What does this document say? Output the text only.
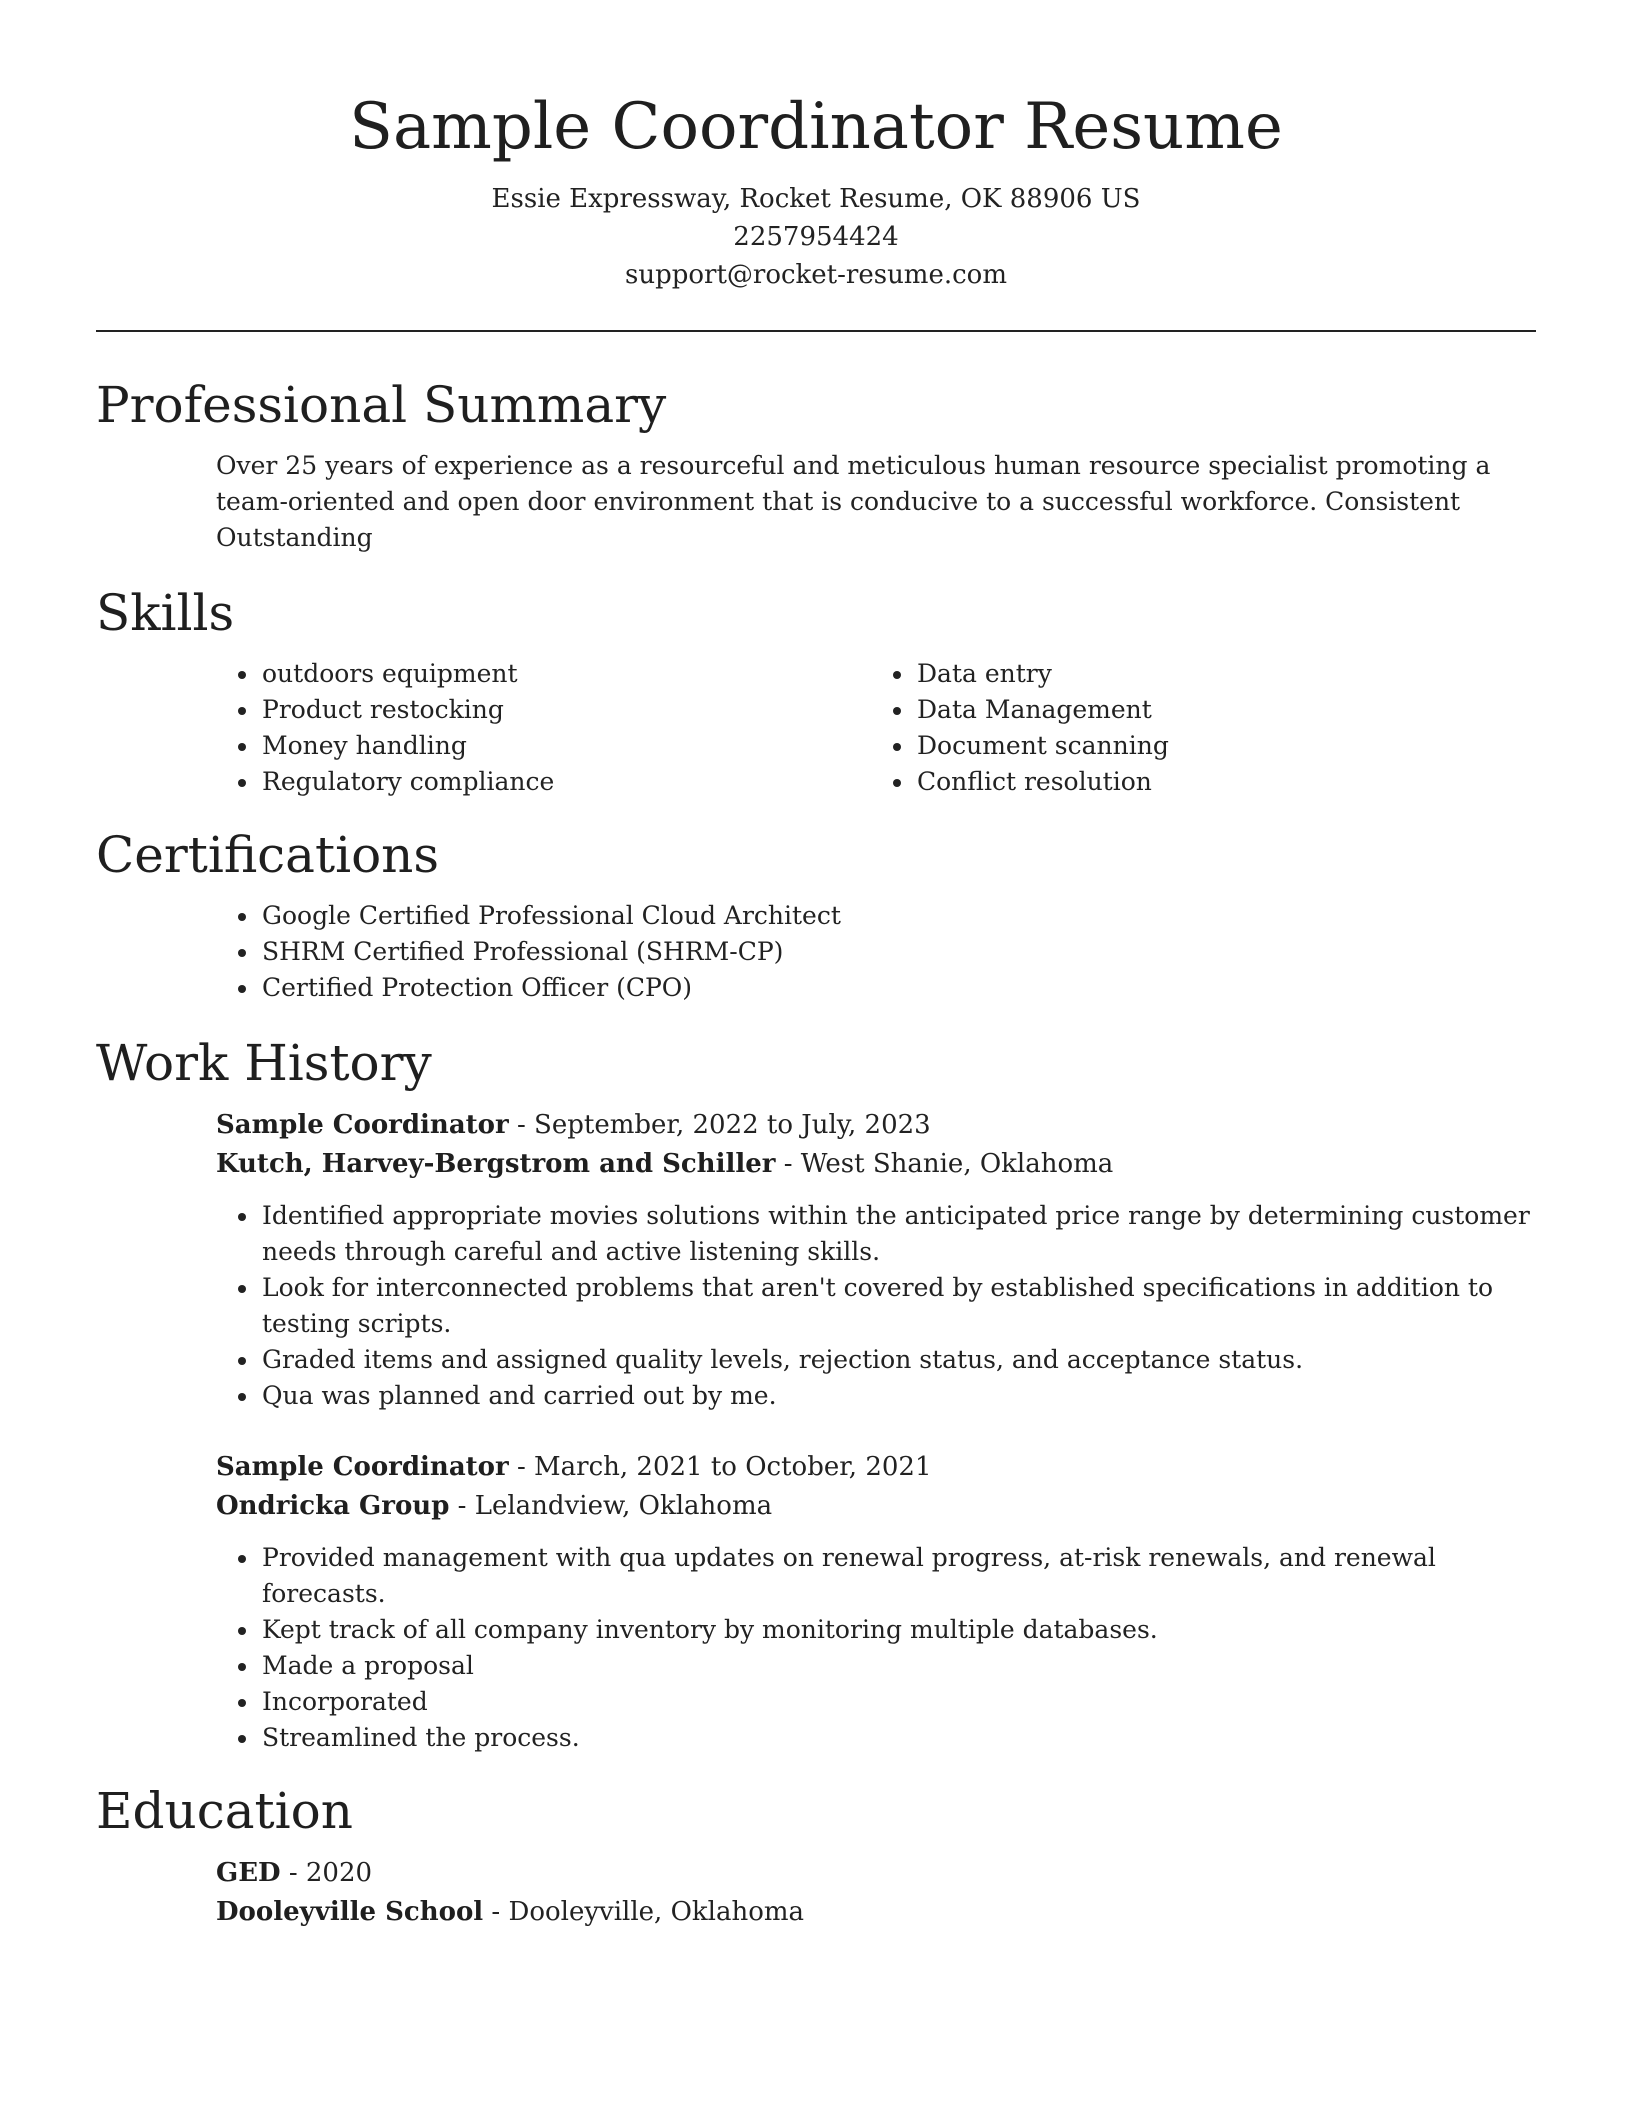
Sample Coordinator Resume
Essie Expressway, Rocket Resume, OK 88906 US
2257954424
support@rocket-resume.com
Professional Summary

Over 25 years of experience as a resourceful and meticulous human resource specialist promoting a team-oriented and open door environment that is conducive to a successful workforce. Consistent Outstanding

Skills
• outdoors equipment
• Product restocking
• Money handling
• Regulatory compliance
• Data entry
• Data Management
• Document scanning
• Conflict resolution
Certifications
• Google Certified Professional Cloud Architect
• SHRM Certified Professional (SHRM-CP)
• Certified Protection Officer (CPO)
Work History
Sample Coordinator - September, 2022 to July, 2023
Kutch, Harvey-Bergstrom and Schiller - West Shanie, Oklahoma
• Identified appropriate movies solutions within the anticipated price range by determining customer needs through careful and active listening skills.
• Look for interconnected problems that aren't covered by established specifications in addition to testing scripts.
• Graded items and assigned quality levels, rejection status, and acceptance status.
• Qua was planned and carried out by me.
Sample Coordinator - March, 2021 to October, 2021
Ondricka Group - Lelandview, Oklahoma
• Provided management with qua updates on renewal progress, at-risk renewals, and renewal forecasts.
• Kept track of all company inventory by monitoring multiple databases.
• Made a proposal
• Incorporated
• Streamlined the process.
Education
GED - 2020
Dooleyville School - Dooleyville, Oklahoma
